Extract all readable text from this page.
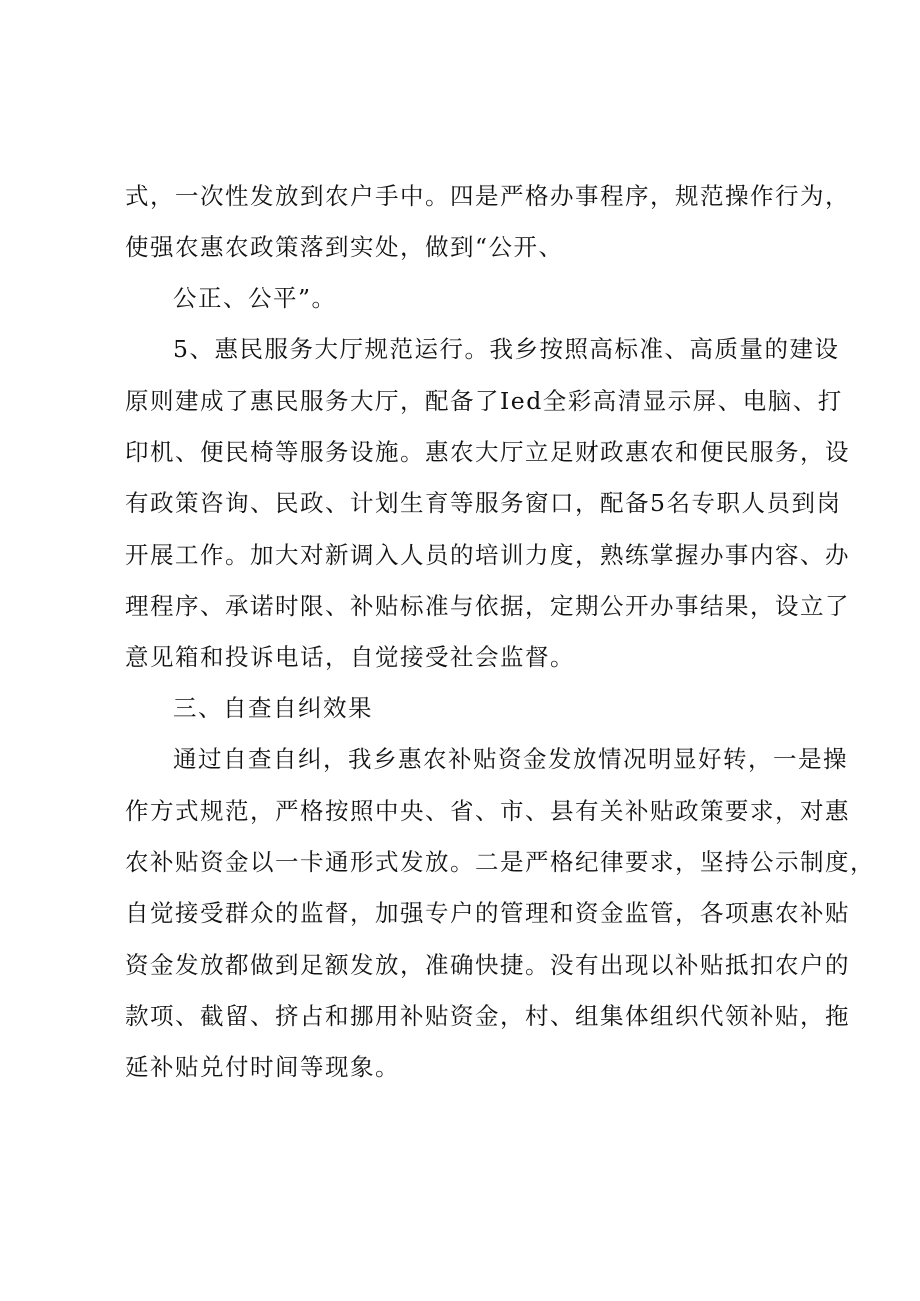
式，一次性发放到农户手中。四是严格办事程序，规范操作行为，
使强农惠农政策落到实处，做到“公开、
公正、公平”。
5、惠民服务大厅规范运行。我乡按照高标准、高质量的建设
原则建成了惠民服务大厅，配备了Ied全彩高清显示屏、电脑、打
印机、便民椅等服务设施。惠农大厅立足财政惠农和便民服务，设
有政策咨询、民政、计划生育等服务窗口，配备5名专职人员到岗
开展工作。加大对新调入人员的培训力度，熟练掌握办事内容、办
理程序、承诺时限、补贴标准与依据，定期公开办事结果，设立了
意见箱和投诉电话，自觉接受社会监督。
三、自查自纠效果
通过自查自纠，我乡惠农补贴资金发放情况明显好转，一是操
作方式规范，严格按照中央、省、市、县有关补贴政策要求，对惠
农补贴资金以一卡通形式发放。二是严格纪律要求，坚持公示制度，
自觉接受群众的监督，加强专户的管理和资金监管，各项惠农补贴
资金发放都做到足额发放，准确快捷。没有出现以补贴抵扣农户的
款项、截留、挤占和挪用补贴资金，村、组集体组织代领补贴，拖
延补贴兑付时间等现象。
